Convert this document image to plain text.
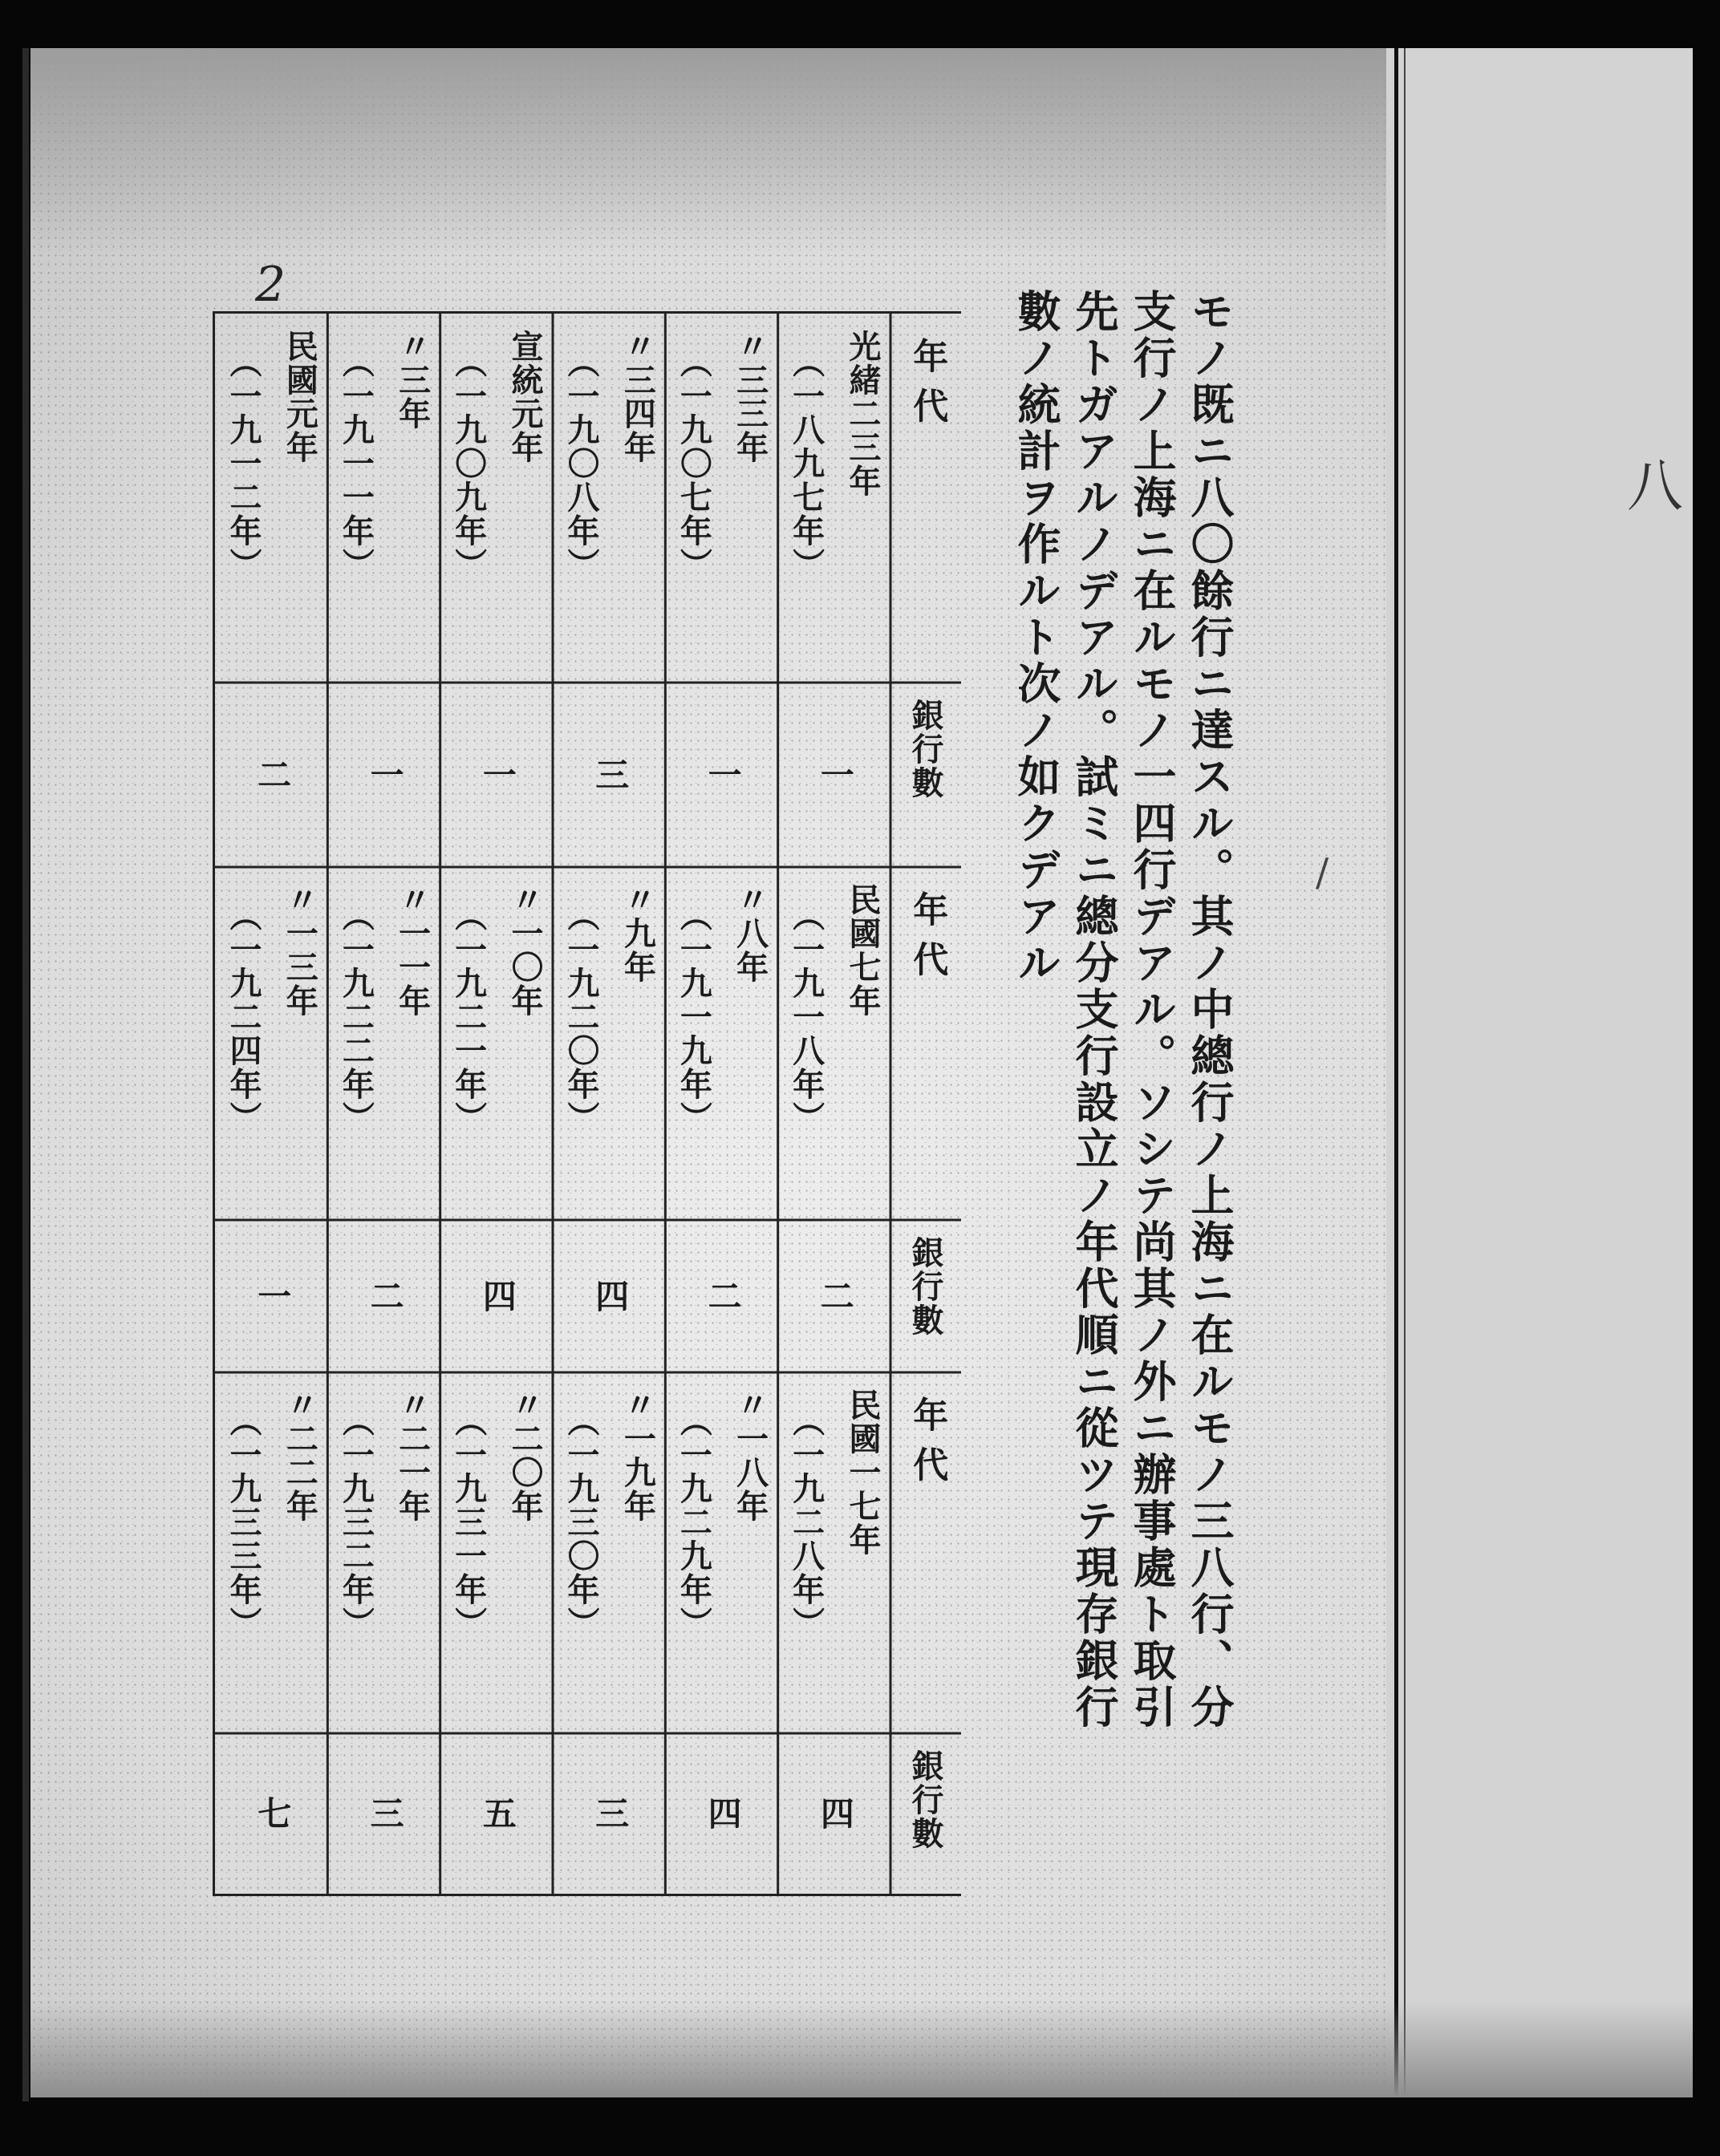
2
八
/
モノ既ニ八〇餘行ニ達スル。其ノ中總行ノ上海ニ在ルモノ三八行、分
支行ノ上海ニ在ルモノ一四行デアル。ソシテ尚其ノ外ニ辦事處ト取引
先トガアルノデアル。試ミニ總分支行設立ノ年代順ニ從ツテ現存銀行
數ノ統計ヲ作ルト次ノ如クデアル
年代
銀行數
光緒二三年
（一八九七年）
一
〃三三年
（一九〇七年）
一
〃三四年
（一九〇八年）
三
宣統元年
（一九〇九年）
一
〃三年
（一九一一年）
一
民國元年
（一九一二年）
二
年代
銀行數
民國七年
（一九一八年）
二
〃八年
（一九一九年）
二
〃九年
（一九二〇年）
四
〃一〇年
（一九二一年）
四
〃一一年
（一九二二年）
二
〃一三年
（一九二四年）
一
年代
銀行數
民國一七年
（一九二八年）
四
〃一八年
（一九二九年）
四
〃一九年
（一九三〇年）
三
〃二〇年
（一九三一年）
五
〃二一年
（一九三二年）
三
〃二二年
（一九三三年）
七
